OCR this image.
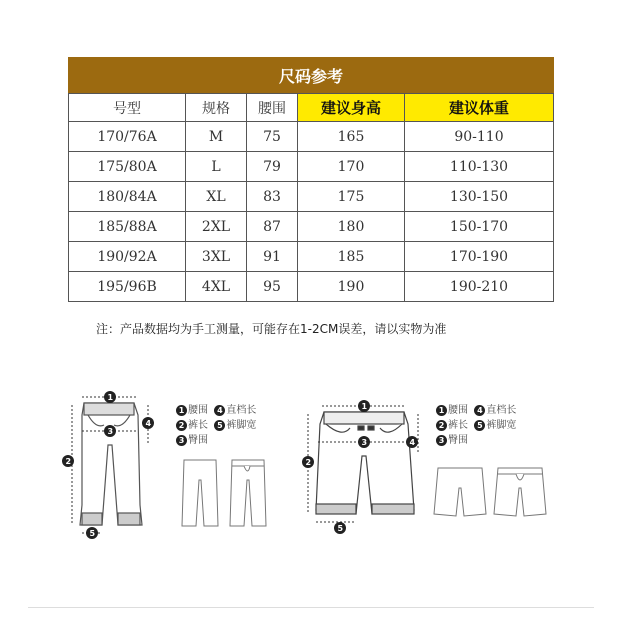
尺码参考
号型	规格	腰围	建议身高	建议体重
170/76A	M	75	165	90-110
175/80A	L	79	170	110-130
180/84A	XL	83	175	130-150
185/88A	2XL	87	180	150-170
190/92A	3XL	91	185	170-190
195/96B	4XL	95	190	190-210
注：产品数据均为手工测量，可能存在1-2CM误差，请以实物为准
1
2
3
4
5
1 腰围 4 直档长
2 裤长 5 裤脚宽
3 臀围
1
2
3	4
5
1 腰围 4 直档长
2 裤长 5 裤脚宽
3 臀围
